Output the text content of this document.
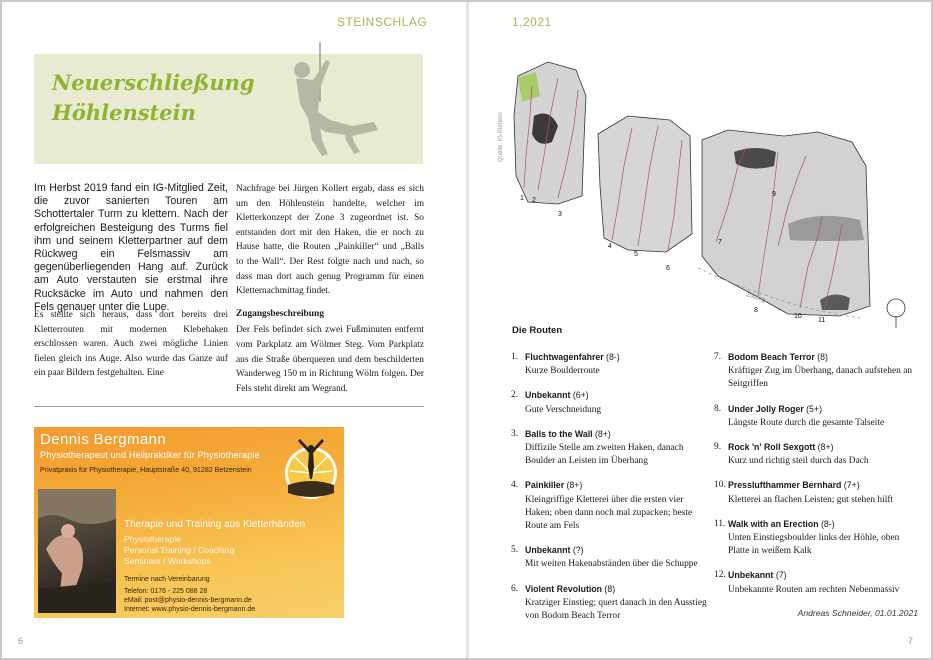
STEINSCHLAG	1.2021
Neuerschließung
Höhlenstein
Im Herbst 2019 fand ein IG-Mitglied Zeit, die zuvor sanierten Touren am Schottertaler Turm zu klettern. Nach der erfolgreichen Besteigung des Turms fiel ihm und seinem Kletterpartner auf dem Rückweg ein Felsmassiv am gegenüberliegenden Hang auf. Zurück am Auto verstauten sie erstmal ihre Rucksäcke im Auto und nahmen den Fels genauer unter die Lupe.
Es stellte sich heraus, dass dort bereits drei Kletterrouten mit modernen Klebehaken erschlossen waren. Auch zwei mögliche Linien fielen gleich ins Auge. Also wurde das Ganze auf ein paar Bildern festgehalten. Eine
Nachfrage bei Jürgen Kollert ergab, dass es sich um den Höhlenstein handelte, welcher im Kletterkonzept der Zone 3 zugeordnet ist. So entstanden dort mit den Haken, die er noch zu Hause hatte, die Routen „Painkiller“ und „Balls to the Wall“. Der Rest folgte nach und nach, so dass man dort auch genug Programm für einen Kletternachmittag findet.
Zugangsbeschreibung
Der Fels befindet sich zwei Fußminuten entfernt vom Parkplatz am Wölmer Steg. Vom Parkplatz aus die Straße überqueren und dem beschilderten Wanderweg 150 m in Richtung Wölm folgen. Der Fels steht direkt am Wegrand.
Dennis Bergmann
Physiotherapeut und Heilpraktiker für Physiotherapie
Privatpraxis für Physiotherapie, Hauptstraße 40, 91282 Betzenstein
Therapie und Training aus Kletterhänden
Physiotherapie
Personal Training / Coaching
Seminare / Workshops
Termine nach Vereinbarung
Telefon: 0176 - 225 088 28
eMail: post@physio-dennis-bergmann.de
Internet: www.physio-dennis-bergmann.de
Quelle: IG-Klettern
Zustieg
1 2
3
4
5
6
7
8
9
10
11
Die Routen
1. Fluchtwagenfahrer (8-)
Kurze Boulderroute
2. Unbekannt (6+)
Gute Verschneidung
3. Balls to the Wall (8+)
Diffizile Stelle am zweiten Haken, danach Boulder an Leisten im Überhang
4. Painkiller (8+)
Kleingriffige Kletterei über die ersten vier Haken; oben dann noch mal zupacken; beste Route am Fels
5. Unbekannt (?)
Mit weiten Hakenabständen über die Schuppe
6. Violent Revolution (8)
Kratziger Einstieg; quert danach in den Ausstieg von Bodom Beach Terror
7. Bodom Beach Terror (8)
Kräftiger Zug im Überhang, danach aufstehen an Seitgriffen
8. Under Jolly Roger (5+)
Längste Route durch die gesamte Talseite
9. Rock 'n' Roll Sexgott (8+)
Kurz und richtig steil durch das Dach
10. Presslufthammer Bernhard (7+)
Kletterei an flachen Leisten; gut stehen hilft
11. Walk with an Erection (8-)
Unten Einstiegsboulder links der Höhle, oben Platte in weißem Kalk
12. Unbekannt (7)
Unbekannte Routen am rechten Nebenmassiv
Andreas Schneider, 01.01.2021
6	7
